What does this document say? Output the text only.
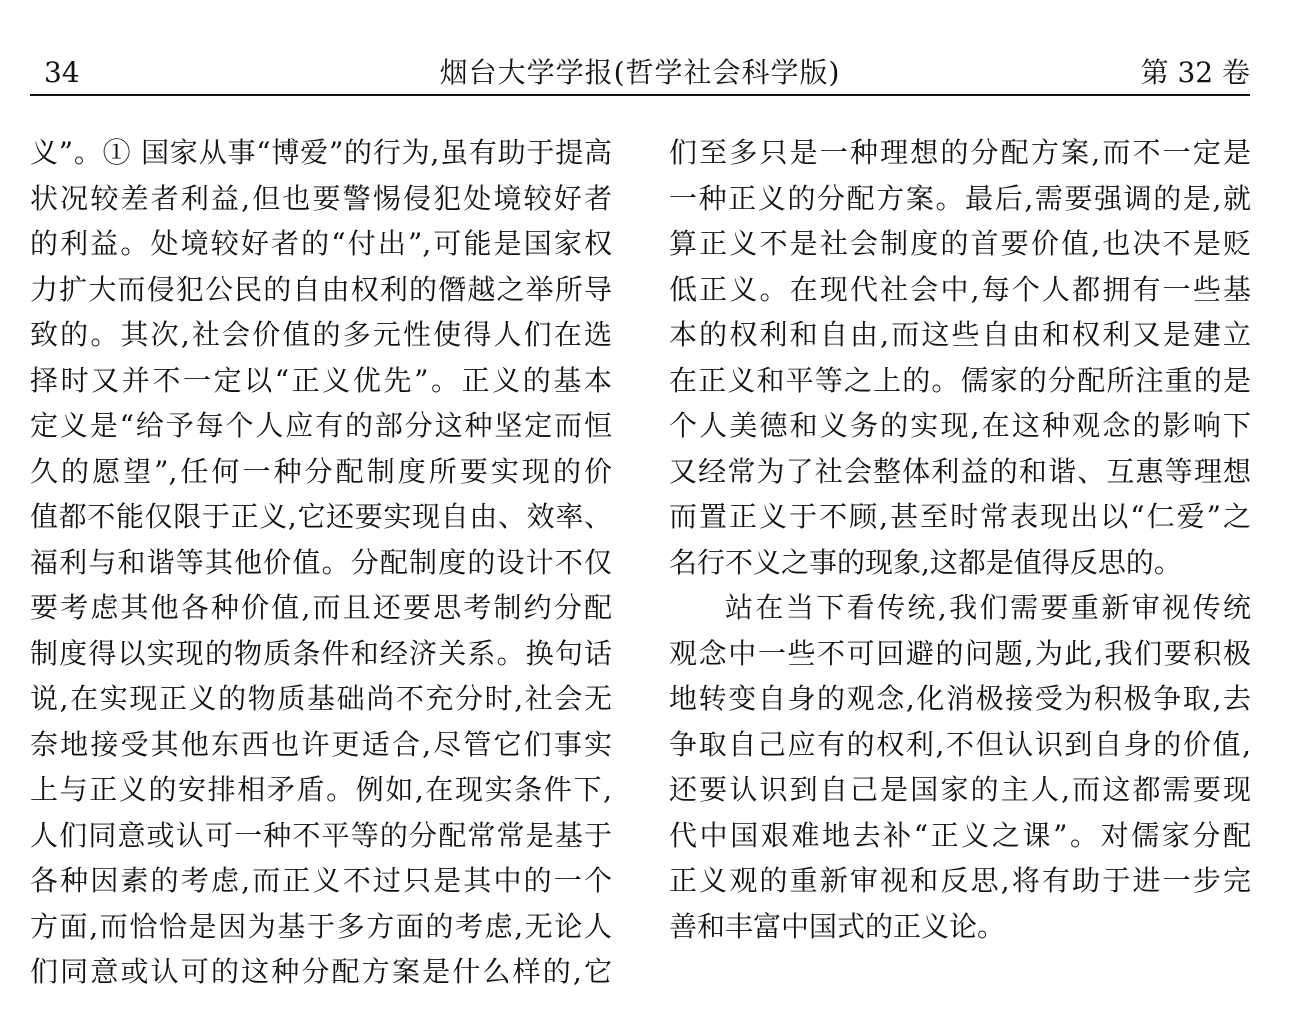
34	烟台大学学报(哲学社会科学版)	第 32 卷
义”。① 国家从事“博爱”的行为,虽有助于提高
状况较差者利益,但也要警惕侵犯处境较好者
的利益。处境较好者的“付出”,可能是国家权
力扩大而侵犯公民的自由权利的僭越之举所导
致的。其次,社会价值的多元性使得人们在选
择时又并不一定以“正义优先”。正义的基本
定义是“给予每个人应有的部分这种坚定而恒
久的愿望”,任何一种分配制度所要实现的价
值都不能仅限于正义,它还要实现自由、效率、
福利与和谐等其他价值。分配制度的设计不仅
要考虑其他各种价值,而且还要思考制约分配
制度得以实现的物质条件和经济关系。换句话
说,在实现正义的物质基础尚不充分时,社会无
奈地接受其他东西也许更适合,尽管它们事实
上与正义的安排相矛盾。例如,在现实条件下,
人们同意或认可一种不平等的分配常常是基于
各种因素的考虑,而正义不过只是其中的一个
方面,而恰恰是因为基于多方面的考虑,无论人
们同意或认可的这种分配方案是什么样的,它
们至多只是一种理想的分配方案,而不一定是
一种正义的分配方案。最后,需要强调的是,就
算正义不是社会制度的首要价值,也决不是贬
低正义。在现代社会中,每个人都拥有一些基
本的权利和自由,而这些自由和权利又是建立
在正义和平等之上的。儒家的分配所注重的是
个人美德和义务的实现,在这种观念的影响下
又经常为了社会整体利益的和谐、互惠等理想
而置正义于不顾,甚至时常表现出以“仁爱”之
名行不义之事的现象,这都是值得反思的。
站在当下看传统,我们需要重新审视传统
观念中一些不可回避的问题,为此,我们要积极
地转变自身的观念,化消极接受为积极争取,去
争取自己应有的权利,不但认识到自身的价值,
还要认识到自己是国家的主人,而这都需要现
代中国艰难地去补“正义之课”。对儒家分配
正义观的重新审视和反思,将有助于进一步完
善和丰富中国式的正义论。
